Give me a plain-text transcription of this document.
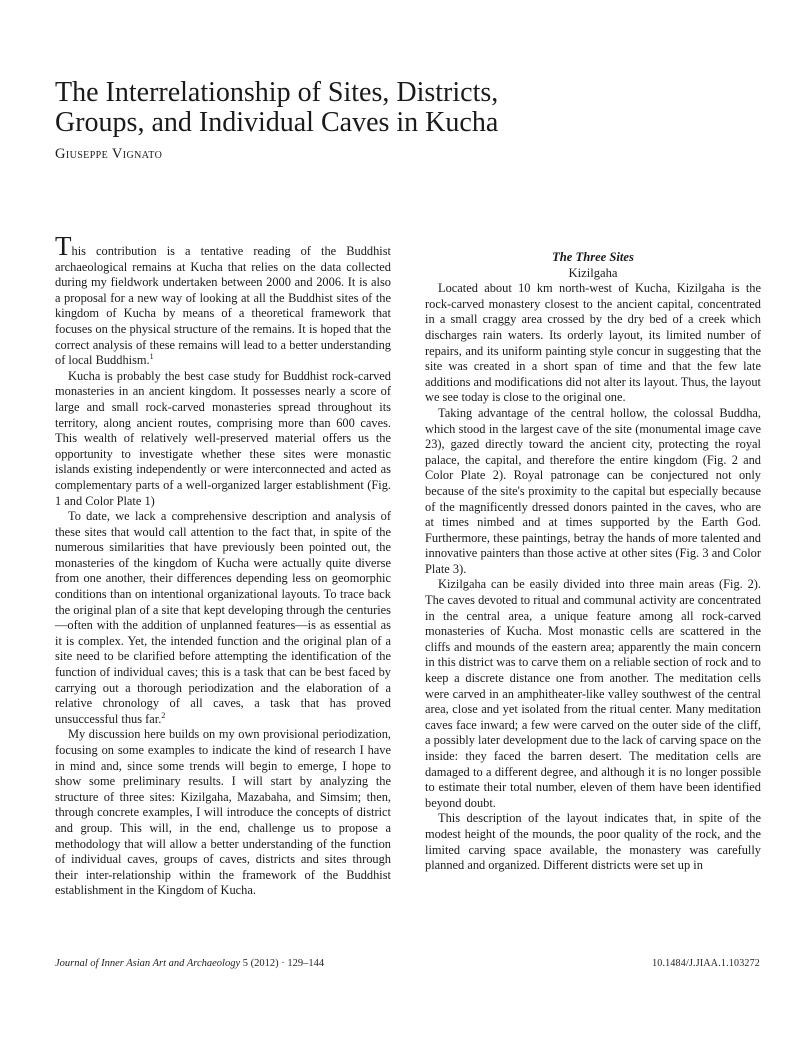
The Interrelationship of Sites, Districts,
Groups, and Individual Caves in Kucha
Giuseppe Vignato

This contribution is a tentative reading of the Buddhist archaeological remains at Kucha that relies on the data collected during my fieldwork undertaken between 2000 and 2006. It is also a proposal for a new way of looking at all the Buddhist sites of the kingdom of Kucha by means of a theoretical framework that focuses on the physical structure of the remains. It is hoped that the correct analysis of these remains will lead to a better understanding of local Buddhism.$^1$

Kucha is probably the best case study for Buddhist rock-carved monasteries in an ancient kingdom. It possesses nearly a score of large and small rock-carved monasteries spread throughout its territory, along ancient routes, comprising more than 600 caves. This wealth of relatively well-preserved material offers us the opportunity to investigate whether these sites were monastic islands existing independently or were interconnected and acted as complementary parts of a well-organized larger establishment (Fig. 1 and Color Plate 1)

To date, we lack a comprehensive description and analysis of these sites that would call attention to the fact that, in spite of the numerous similarities that have previously been pointed out, the monasteries of the kingdom of Kucha were actually quite diverse from one another, their differences depending less on geomorphic conditions than on intentional organizational layouts. To trace back the original plan of a site that kept developing through the centuries—often with the addition of unplanned features—is as essential as it is complex. Yet, the intended function and the original plan of a site need to be clarified before attempting the identification of the function of individual caves; this is a task that can be best faced by carrying out a thorough periodization and the elaboration of a relative chronology of all caves, a task that has proved unsuccessful thus far.$^2$

My discussion here builds on my own provisional periodization, focusing on some examples to indicate the kind of research I have in mind and, since some trends will begin to emerge, I hope to show some preliminary results. I will start by analyzing the structure of three sites: Kizilgaha, Mazabaha, and Simsim; then, through concrete examples, I will introduce the concepts of district and group. This will, in the end, challenge us to propose a methodology that will allow a better understanding of the function of individual caves, groups of caves, districts and sites through their inter-relationship within the framework of the Buddhist establishment in the Kingdom of Kucha.

The Three Sites

Kizilgaha

Located about 10 km north-west of Kucha, Kizilgaha is the rock-carved monastery closest to the ancient capital, concentrated in a small craggy area crossed by the dry bed of a creek which discharges rain waters. Its orderly layout, its limited number of repairs, and its uniform painting style concur in suggesting that the site was created in a short span of time and that the few late additions and modifications did not alter its layout. Thus, the layout we see today is close to the original one.

Taking advantage of the central hollow, the colossal Buddha, which stood in the largest cave of the site (monumental image cave 23), gazed directly toward the ancient city, protecting the royal palace, the capital, and therefore the entire kingdom (Fig. 2 and Color Plate 2). Royal patronage can be conjectured not only because of the site's proximity to the capital but especially because of the magnificently dressed donors painted in the caves, who are at times nimbed and at times supported by the Earth God. Furthermore, these paintings, betray the hands of more talented and innovative painters than those active at other sites (Fig. 3 and Color Plate 3).

Kizilgaha can be easily divided into three main areas (Fig. 2). The caves devoted to ritual and communal activity are concentrated in the central area, a unique feature among all rock-carved monasteries of Kucha. Most monastic cells are scattered in the cliffs and mounds of the eastern area; apparently the main concern in this district was to carve them on a reliable section of rock and to keep a discrete distance one from another. The meditation cells were carved in an amphitheater-like valley southwest of the central area, close and yet isolated from the ritual center. Many meditation caves face inward; a few were carved on the outer side of the cliff, a possibly later development due to the lack of carving space on the inside: they faced the barren desert. The meditation cells are damaged to a different degree, and although it is no longer possible to estimate their total number, eleven of them have been identified beyond doubt.

This description of the layout indicates that, in spite of the modest height of the mounds, the poor quality of the rock, and the limited carving space available, the monastery was carefully planned and organized. Different districts were set up in

Journal of Inner Asian Art and Archaeology 5 (2012) · 129–144	10.1484/J.JIAA.1.103272
